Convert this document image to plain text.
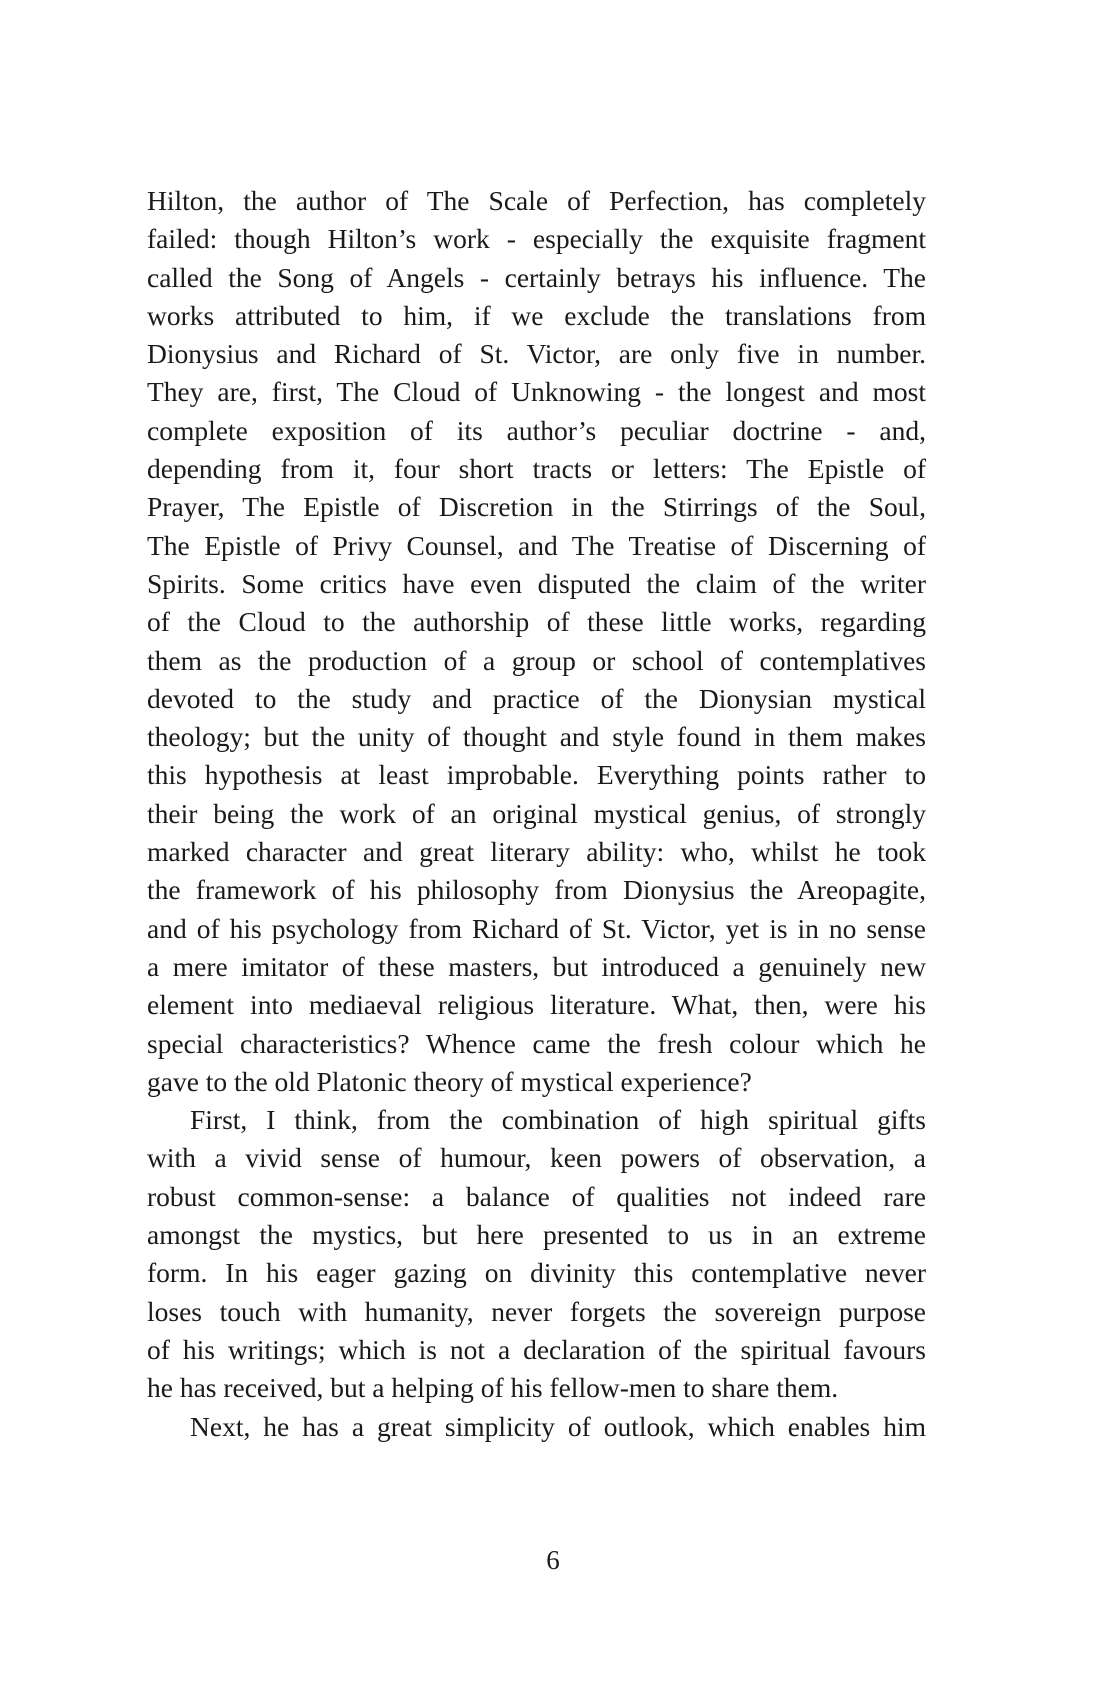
Hilton, the author of The Scale of Perfection, has completely
failed: though Hilton’s work - especially the exquisite fragment
called the Song of Angels - certainly betrays his influence. The
works attributed to him, if we exclude the translations from
Dionysius and Richard of St. Victor, are only five in number.
They are, first, The Cloud of Unknowing - the longest and most
complete exposition of its author’s peculiar doctrine - and,
depending from it, four short tracts or letters: The Epistle of
Prayer, The Epistle of Discretion in the Stirrings of the Soul,
The Epistle of Privy Counsel, and The Treatise of Discerning of
Spirits. Some critics have even disputed the claim of the writer
of the Cloud to the authorship of these little works, regarding
them as the production of a group or school of contemplatives
devoted to the study and practice of the Dionysian mystical
theology; but the unity of thought and style found in them makes
this hypothesis at least improbable. Everything points rather to
their being the work of an original mystical genius, of strongly
marked character and great literary ability: who, whilst he took
the framework of his philosophy from Dionysius the Areopagite,
and of his psychology from Richard of St. Victor, yet is in no sense
a mere imitator of these masters, but introduced a genuinely new
element into mediaeval religious literature. What, then, were his
special characteristics? Whence came the fresh colour which he
gave to the old Platonic theory of mystical experience?
First, I think, from the combination of high spiritual gifts
with a vivid sense of humour, keen powers of observation, a
robust common-sense: a balance of qualities not indeed rare
amongst the mystics, but here presented to us in an extreme
form. In his eager gazing on divinity this contemplative never
loses touch with humanity, never forgets the sovereign purpose
of his writings; which is not a declaration of the spiritual favours
he has received, but a helping of his fellow-men to share them.
Next, he has a great simplicity of outlook, which enables him
6
